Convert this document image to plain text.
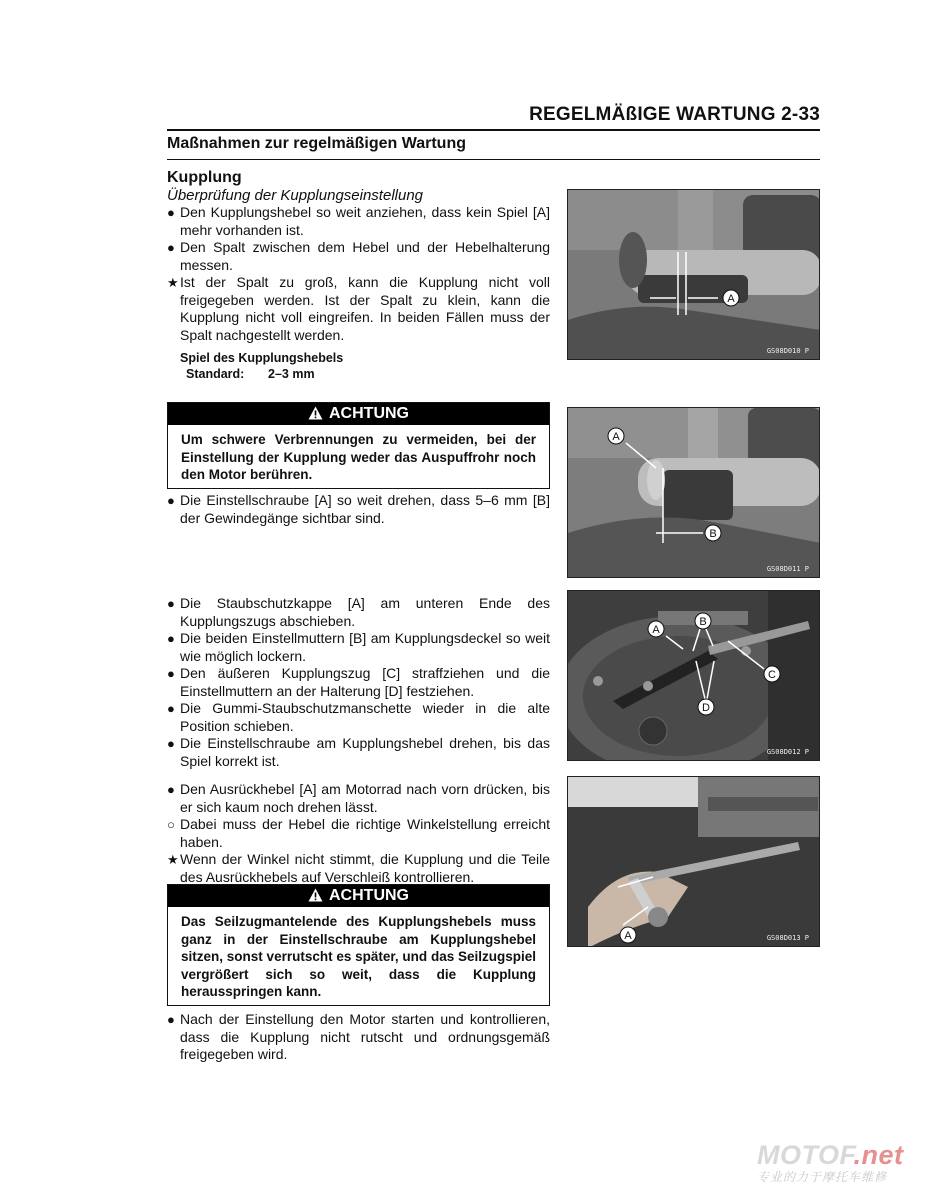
REGELMÄßIGE WARTUNG 2-33
Maßnahmen zur regelmäßigen Wartung
Kupplung
Überprüfung der Kupplungseinstellung
● Den Kupplungshebel so weit anziehen, dass kein Spiel [A] mehr vorhanden ist.
● Den Spalt zwischen dem Hebel und der Hebelhalterung messen.
★ Ist der Spalt zu groß, kann die Kupplung nicht voll freigegeben werden. Ist der Spalt zu klein, kann die Kupplung nicht voll eingreifen. In beiden Fällen muss der Spalt nachgestellt werden.
Spiel des Kupplungshebels
Standard: 2–3 mm
ACHTUNG
Um schwere Verbrennungen zu vermeiden, bei der Einstellung der Kupplung weder das Auspuffrohr noch den Motor berühren.
● Die Einstellschraube [A] so weit drehen, dass 5–6 mm [B] der Gewindegänge sichtbar sind.
● Die Staubschutzkappe [A] am unteren Ende des Kupplungszugs abschieben.
● Die beiden Einstellmuttern [B] am Kupplungsdeckel so weit wie möglich lockern.
● Den äußeren Kupplungszug [C] straffziehen und die Einstellmuttern an der Halterung [D] festziehen.
● Die Gummi-Staubschutzmanschette wieder in die alte Position schieben.
● Die Einstellschraube am Kupplungshebel drehen, bis das Spiel korrekt ist.
● Den Ausrückhebel [A] am Motorrad nach vorn drücken, bis er sich kaum noch drehen lässt.
○ Dabei muss der Hebel die richtige Winkelstellung erreicht haben.
★ Wenn der Winkel nicht stimmt, die Kupplung und die Teile des Ausrückhebels auf Verschleiß kontrollieren.
ACHTUNG
Das Seilzugmantelende des Kupplungshebels muss ganz in der Einstellschraube am Kupplungshebel sitzen, sonst verrutscht es später, und das Seilzugspiel vergrößert sich so weit, dass die Kupplung herausspringen kann.
● Nach der Einstellung den Motor starten und kontrollieren, dass die Kupplung nicht rutscht und ordnungsgemäß freigegeben wird.
A
GS08D010 P
A
B
GS08D011 P
A
B
C
D
GS08D012 P
A	GS08D013 P
MOTOF.net
专业的力于摩托车维修
